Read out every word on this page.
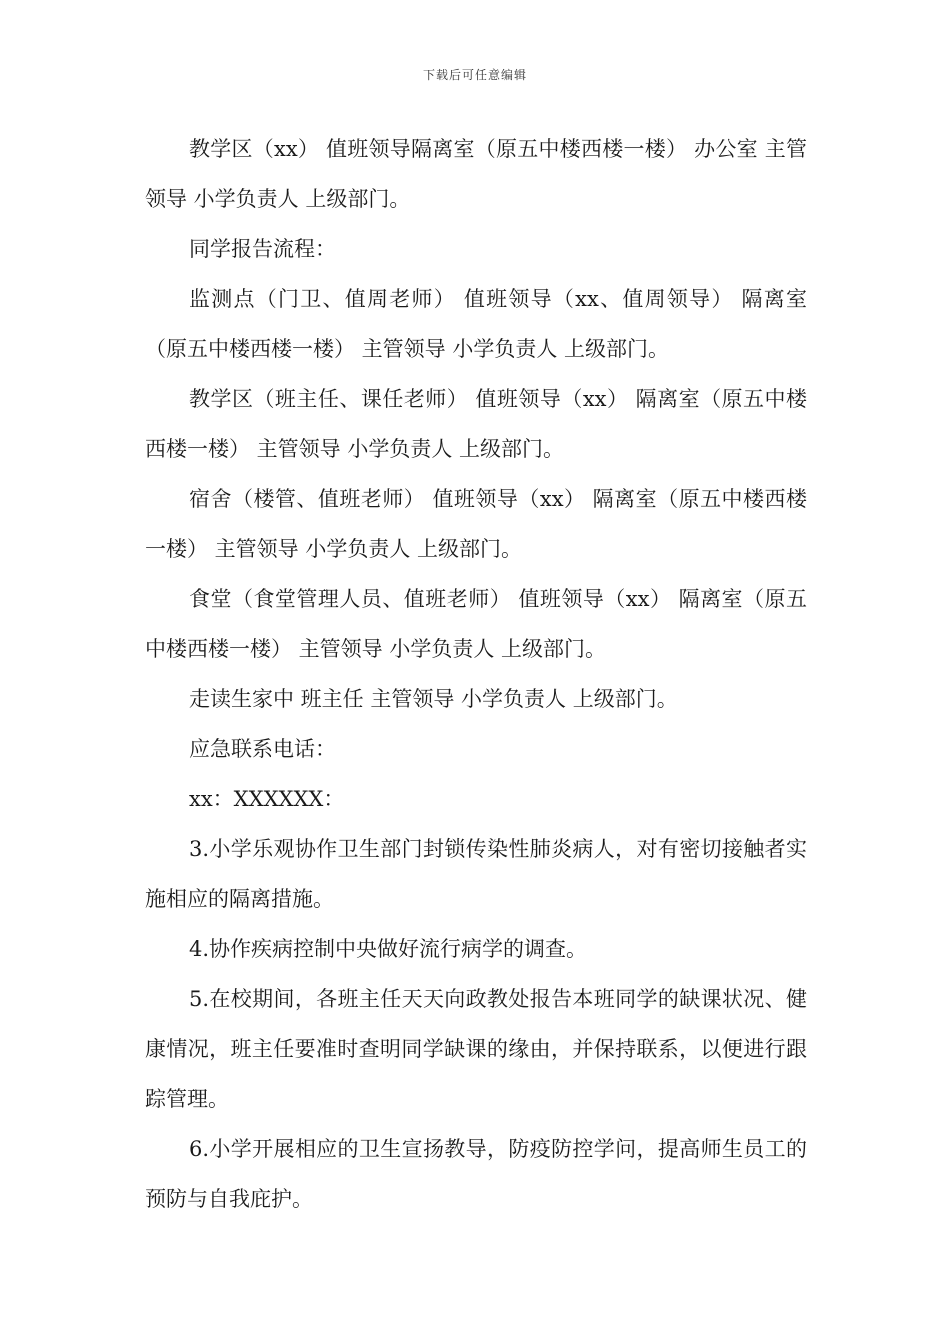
下载后可任意编辑

教学区（xx） 值班领导隔离室（原五中楼西楼一楼） 办公室 主管领导 小学负责人 上级部门。

同学报告流程：

监测点（门卫、值周老师） 值班领导（xx、值周领导） 隔离室（原五中楼西楼一楼） 主管领导 小学负责人 上级部门。

教学区（班主任、课任老师） 值班领导（xx） 隔离室（原五中楼西楼一楼） 主管领导 小学负责人 上级部门。

宿舍（楼管、值班老师） 值班领导（xx） 隔离室（原五中楼西楼一楼） 主管领导 小学负责人 上级部门。

食堂（食堂管理人员、值班老师） 值班领导（xx） 隔离室（原五中楼西楼一楼） 主管领导 小学负责人 上级部门。

走读生家中 班主任 主管领导 小学负责人 上级部门。

应急联系电话：

xx：XXXXXX：

3.小学乐观协作卫生部门封锁传染性肺炎病人，对有密切接触者实施相应的隔离措施。

4.协作疾病控制中央做好流行病学的调查。

5.在校期间，各班主任天天向政教处报告本班同学的缺课状况、健康情况，班主任要准时查明同学缺课的缘由，并保持联系，以便进行跟踪管理。

6.小学开展相应的卫生宣扬教导，防疫防控学问，提高师生员工的预防与自我庇护。
